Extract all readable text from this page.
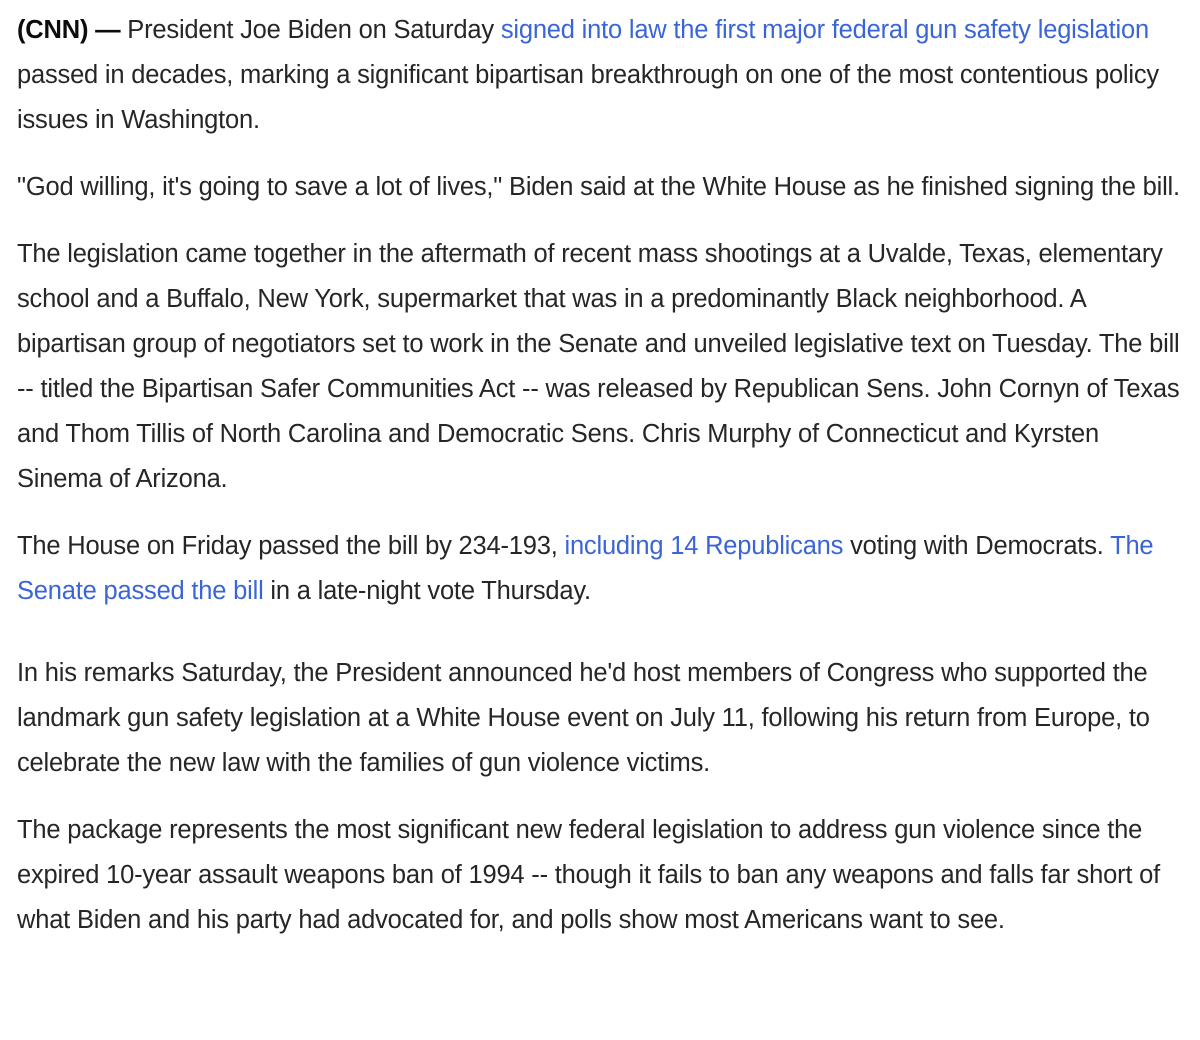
(CNN) — President Joe Biden on Saturday signed into law the first major federal gun safety legislation passed in decades, marking a significant bipartisan breakthrough on one of the most contentious policy issues in Washington.

"God willing, it's going to save a lot of lives," Biden said at the White House as he finished signing the bill.

The legislation came together in the aftermath of recent mass shootings at a Uvalde, Texas, elementary school and a Buffalo, New York, supermarket that was in a predominantly Black neighborhood. A bipartisan group of negotiators set to work in the Senate and unveiled legislative text on Tuesday. The bill -- titled the Bipartisan Safer Communities Act -- was released by Republican Sens. John Cornyn of Texas and Thom Tillis of North Carolina and Democratic Sens. Chris Murphy of Connecticut and Kyrsten Sinema of Arizona.

The House on Friday passed the bill by 234-193, including 14 Republicans voting with Democrats. The Senate passed the bill in a late-night vote Thursday.

In his remarks Saturday, the President announced he'd host members of Congress who supported the landmark gun safety legislation at a White House event on July 11, following his return from Europe, to celebrate the new law with the families of gun violence victims.

The package represents the most significant new federal legislation to address gun violence since the expired 10-year assault weapons ban of 1994 -- though it fails to ban any weapons and falls far short of what Biden and his party had advocated for, and polls show most Americans want to see.
